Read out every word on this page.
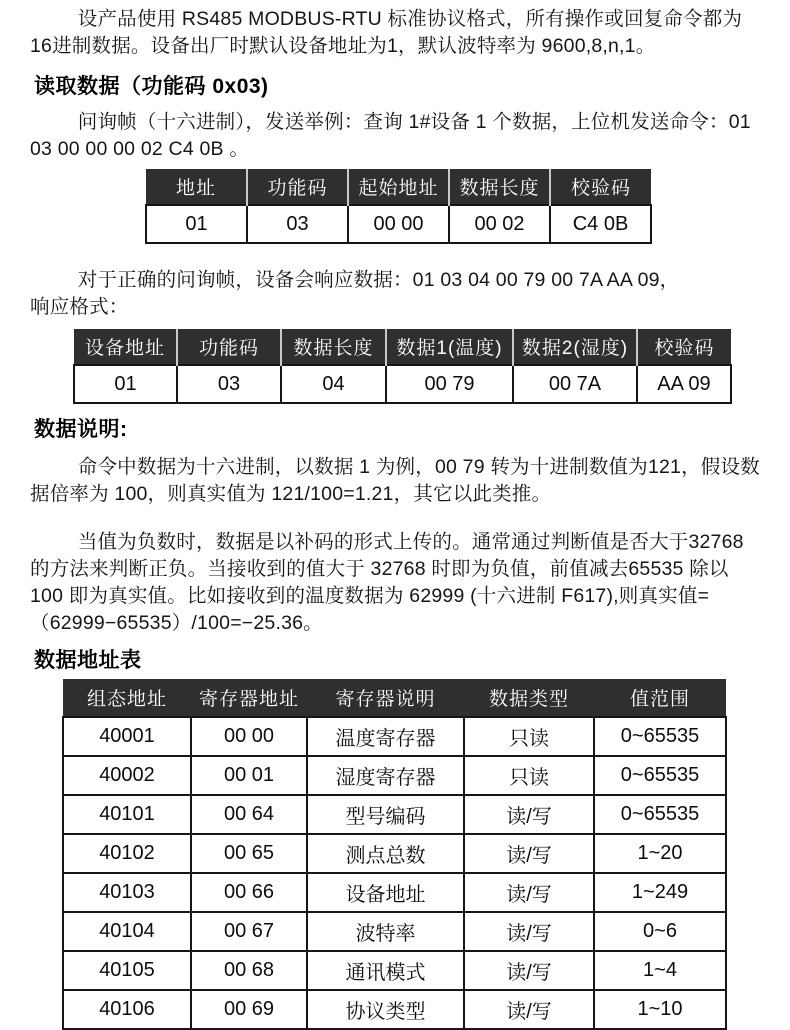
设产品使用 RS485 MODBUS-RTU 标准协议格式，所有操作或回复命令都为16进制数据。设备出厂时默认设备地址为1，默认波特率为 9600,8,n,1。

读取数据（功能码 0x03)

问询帧（十六进制），发送举例：查询 1#设备 1 个数据，上位机发送命令：01 03 00 00 00 02 C4 0B 。

地址	功能码	起始地址	数据长度	校验码
01	03	00 00	00 02	C4 0B

对于正确的问询帧，设备会响应数据：01 03 04 00 79 00 7A AA 09，

响应格式：

设备地址	功能码	数据长度	数据1(温度)	数据2(湿度)	校验码
01	03	04	00 79	00 7A	AA 09
数据说明:

命令中数据为十六进制，以数据 1 为例，00 79 转为十进制数值为121，假设数据倍率为 100，则真实值为 121/100=1.21，其它以此类推。

当值为负数时，数据是以补码的形式上传的。通常通过判断值是否大于32768 的方法来判断正负。当接收到的值大于 32768 时即为负值，前值减去65535 除以 100 即为真实值。比如接收到的温度数据为 62999 (十六进制 F617),则真实值=（62999−65535）/100=−25.36。

数据地址表
组态地址	寄存器地址	寄存器说明	数据类型	值范围
40001	00 00	温度寄存器	只读	0~65535
40002	00 01	湿度寄存器	只读	0~65535
40101	00 64	型号编码	读/写	0~65535
40102	00 65	测点总数	读/写	1~20
40103	00 66	设备地址	读/写	1~249
40104	00 67	波特率	读/写	0~6
40105	00 68	通讯模式	读/写	1~4
40106	00 69	协议类型	读/写	1~10
